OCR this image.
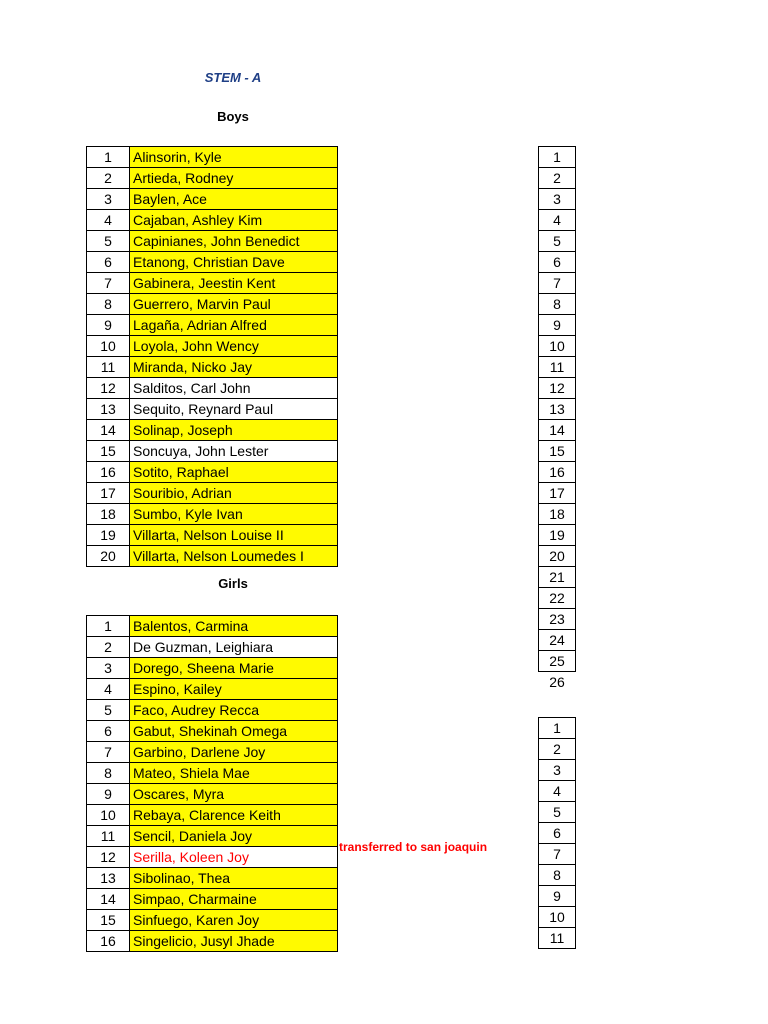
STEM - A
Boys
Girls
1	Alinsorin, Kyle
2	Artieda, Rodney
3	Baylen, Ace
4	Cajaban, Ashley Kim
5	Capinianes, John Benedict
6	Etanong, Christian Dave
7	Gabinera, Jeestin Kent
8	Guerrero, Marvin Paul
9	Lagaña, Adrian Alfred
10	Loyola, John Wency
11	Miranda, Nicko Jay
12	Salditos, Carl John
13	Sequito, Reynard Paul
14	Solinap, Joseph
15	Soncuya, John Lester
16	Sotito, Raphael
17	Souribio, Adrian
18	Sumbo, Kyle Ivan
19	Villarta, Nelson Louise II
20	Villarta, Nelson Loumedes I
1	Balentos, Carmina
2	De Guzman, Leighiara
3	Dorego, Sheena Marie
4	Espino, Kailey
5	Faco, Audrey Recca
6	Gabut, Shekinah Omega
7	Garbino, Darlene Joy
8	Mateo, Shiela Mae
9	Oscares, Myra
10	Rebaya, Clarence Keith
11	Sencil, Daniela Joy
12	Serilla, Koleen Joy
13	Sibolinao, Thea
14	Simpao, Charmaine
15	Sinfuego, Karen Joy
16	Singelicio, Jusyl Jhade
1
2
3
4
5
6
7
8
9
10
11
12
13
14
15
16
17
18
19
20
21
22
23
24
25
26
1
2
3
4
5
6
7
8
9
10
11
transferred to san joaquin
